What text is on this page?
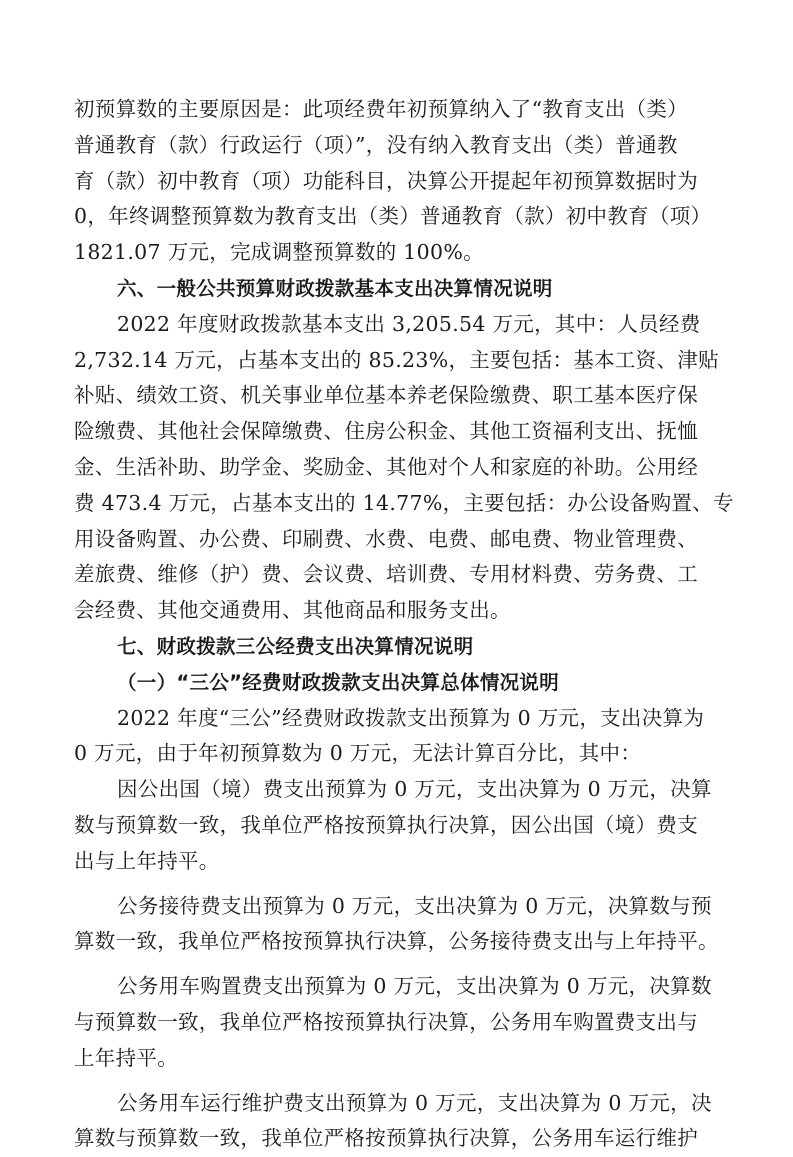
初预算数的主要原因是：此项经费年初预算纳入了“教育支出（类）
普通教育（款）行政运行（项）”，没有纳入教育支出（类）普通教
育（款）初中教育（项）功能科目，决算公开提起年初预算数据时为
0，年终调整预算数为教育支出（类）普通教育（款）初中教育（项）
1821.07 万元，完成调整预算数的 100%。
六、一般公共预算财政拨款基本支出决算情况说明
2022 年度财政拨款基本支出 3,205.54 万元，其中：人员经费
2,732.14 万元，占基本支出的 85.23%，主要包括：基本工资、津贴
补贴、绩效工资、机关事业单位基本养老保险缴费、职工基本医疗保
险缴费、其他社会保障缴费、住房公积金、其他工资福利支出、抚恤
金、生活补助、助学金、奖励金、其他对个人和家庭的补助。公用经
费 473.4 万元，占基本支出的 14.77%，主要包括：办公设备购置、专
用设备购置、办公费、印刷费、水费、电费、邮电费、物业管理费、
差旅费、维修（护）费、会议费、培训费、专用材料费、劳务费、工
会经费、其他交通费用、其他商品和服务支出。
七、财政拨款三公经费支出决算情况说明
（一）“三公”经费财政拨款支出决算总体情况说明
2022 年度“三公”经费财政拨款支出预算为 0 万元，支出决算为
0 万元，由于年初预算数为 0 万元，无法计算百分比，其中：
因公出国（境）费支出预算为 0 万元，支出决算为 0 万元，决算
数与预算数一致，我单位严格按预算执行决算，因公出国（境）费支
出与上年持平。
公务接待费支出预算为 0 万元，支出决算为 0 万元，决算数与预
算数一致，我单位严格按预算执行决算，公务接待费支出与上年持平。
公务用车购置费支出预算为 0 万元，支出决算为 0 万元，决算数
与预算数一致，我单位严格按预算执行决算，公务用车购置费支出与
上年持平。
公务用车运行维护费支出预算为 0 万元，支出决算为 0 万元，决
算数与预算数一致，我单位严格按预算执行决算，公务用车运行维护
